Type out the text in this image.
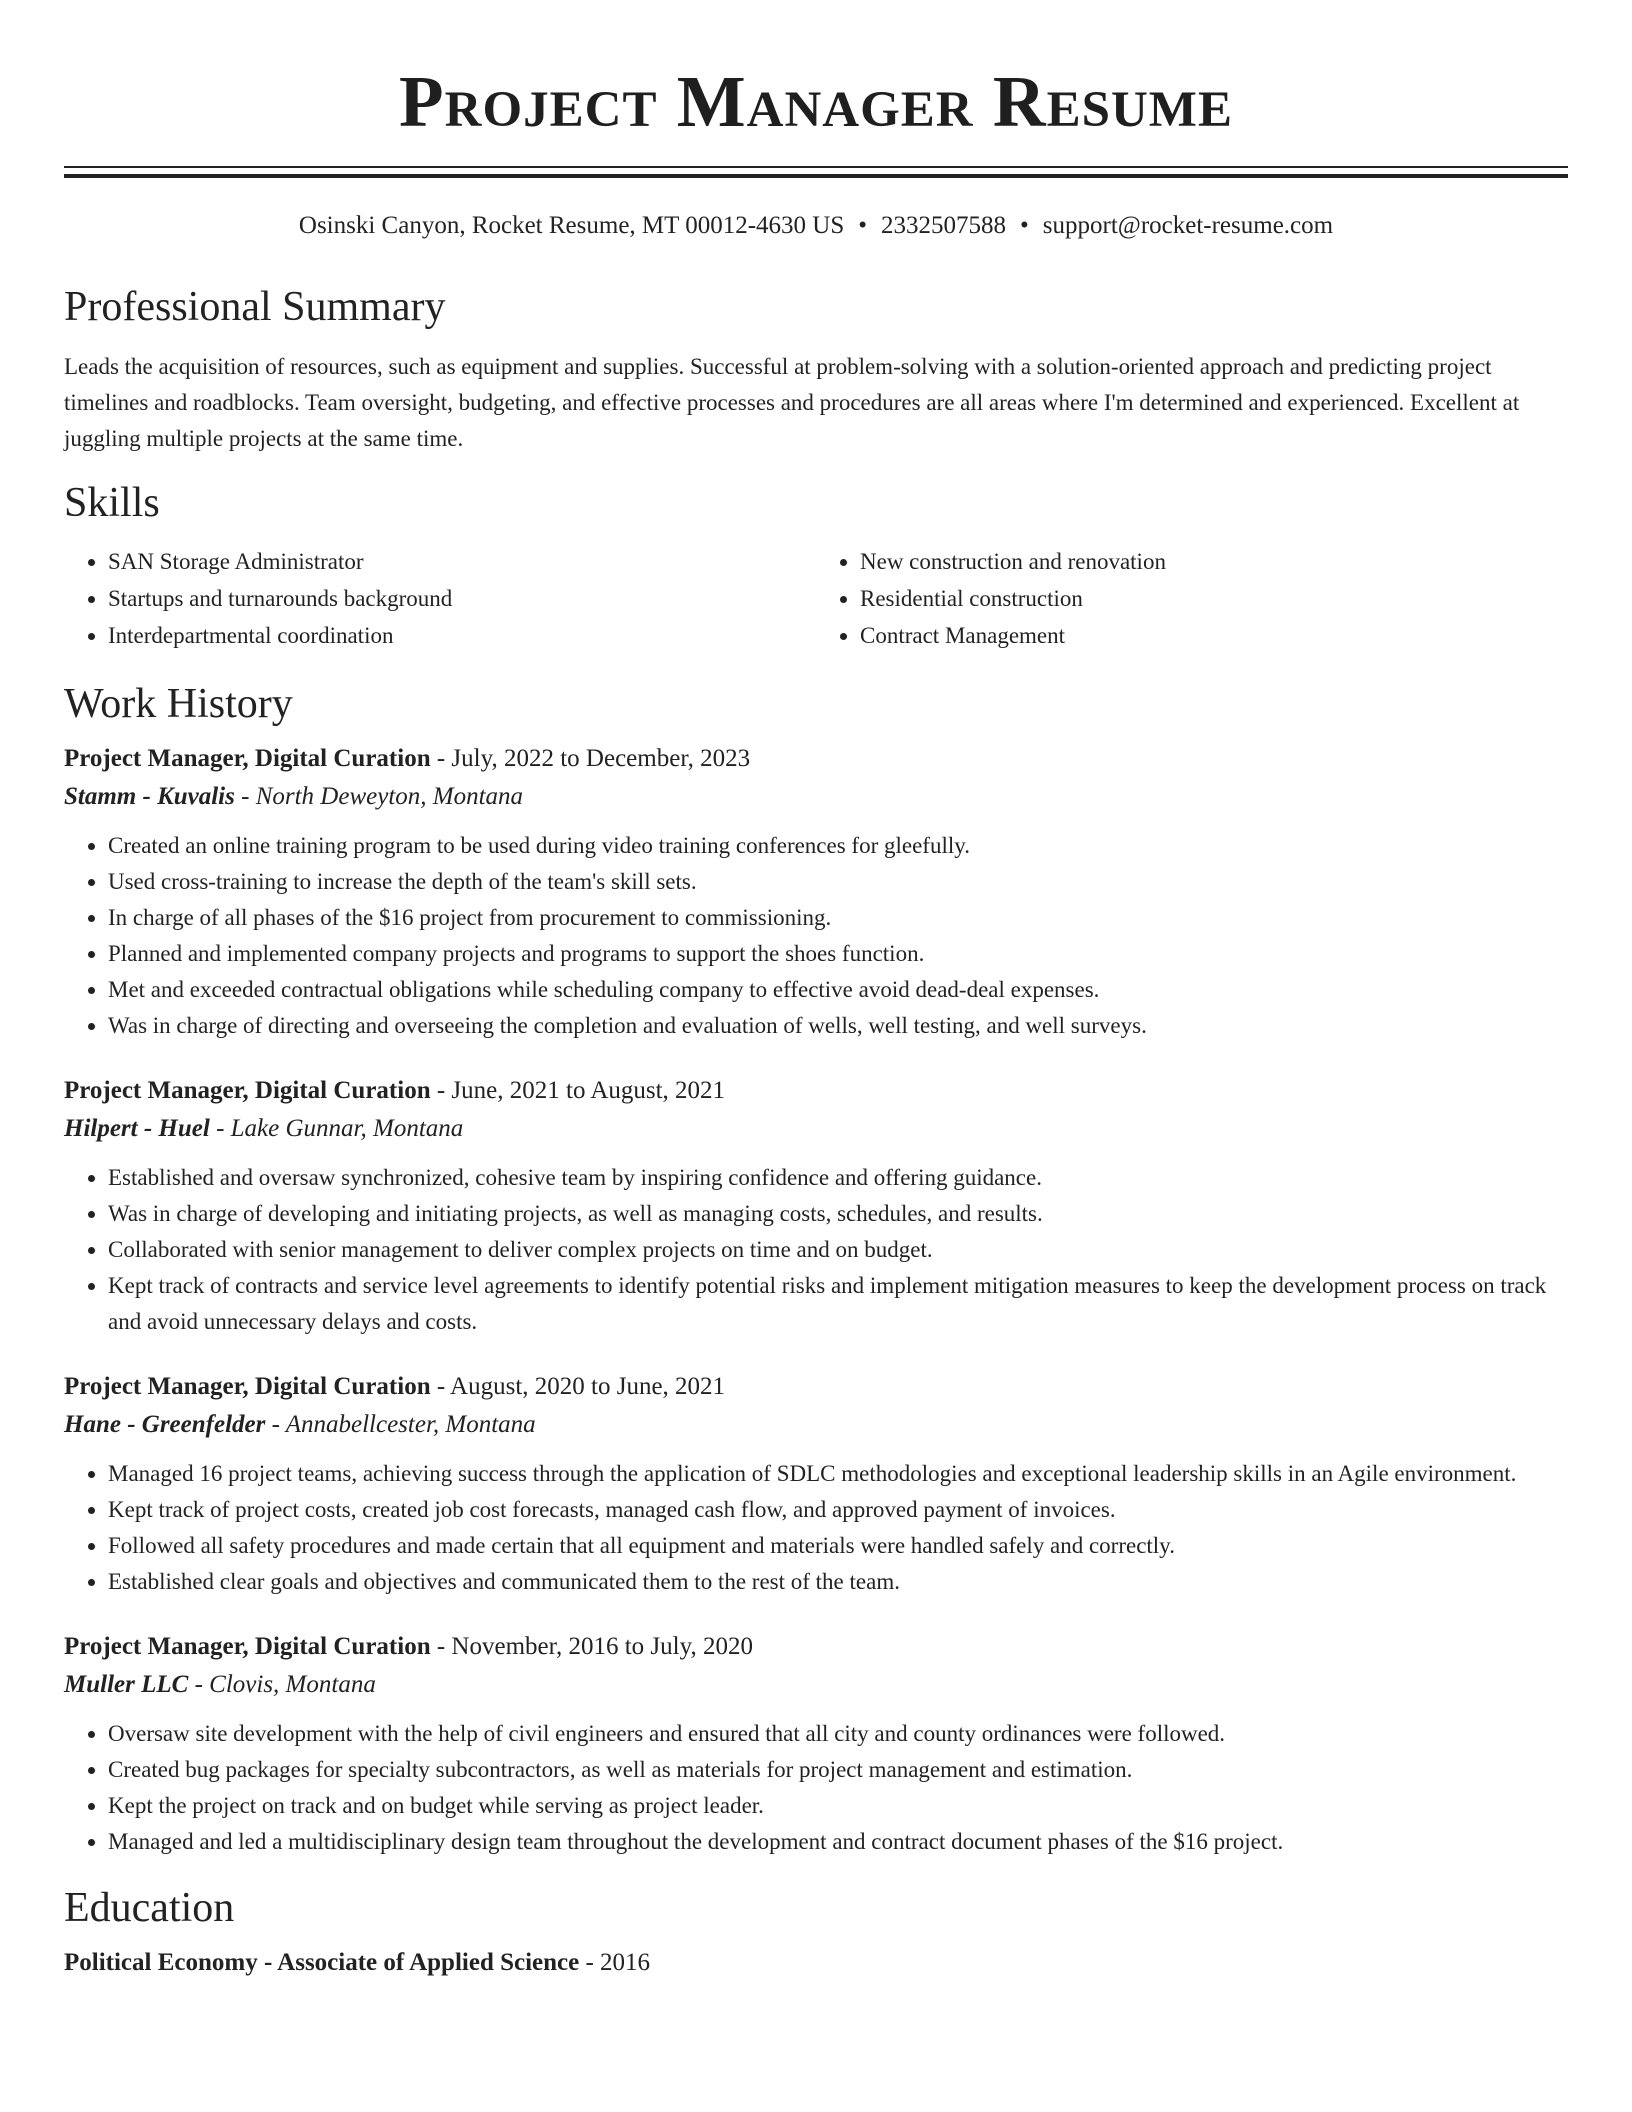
Project Manager Resume
Osinski Canyon, Rocket Resume, MT 00012-4630 US • 2332507588 • support@rocket-resume.com
Professional Summary

Leads the acquisition of resources, such as equipment and supplies. Successful at problem-solving with a solution-oriented approach and predicting project timelines and roadblocks. Team oversight, budgeting, and effective processes and procedures are all areas where I'm determined and experienced. Excellent at juggling multiple projects at the same time.

Skills
• SAN Storage Administrator
• Startups and turnarounds background
• Interdepartmental coordination
• New construction and renovation
• Residential construction
• Contract Management
Work History
Project Manager, Digital Curation - July, 2022 to December, 2023
Stamm - Kuvalis - North Deweyton, Montana
• Created an online training program to be used during video training conferences for gleefully.
• Used cross-training to increase the depth of the team's skill sets.
• In charge of all phases of the $16 project from procurement to commissioning.
• Planned and implemented company projects and programs to support the shoes function.
• Met and exceeded contractual obligations while scheduling company to effective avoid dead-deal expenses.
• Was in charge of directing and overseeing the completion and evaluation of wells, well testing, and well surveys.
Project Manager, Digital Curation - June, 2021 to August, 2021
Hilpert - Huel - Lake Gunnar, Montana
• Established and oversaw synchronized, cohesive team by inspiring confidence and offering guidance.
• Was in charge of developing and initiating projects, as well as managing costs, schedules, and results.
• Collaborated with senior management to deliver complex projects on time and on budget.
• Kept track of contracts and service level agreements to identify potential risks and implement mitigation measures to keep the development process on track and avoid unnecessary delays and costs.
Project Manager, Digital Curation - August, 2020 to June, 2021
Hane - Greenfelder - Annabellcester, Montana
• Managed 16 project teams, achieving success through the application of SDLC methodologies and exceptional leadership skills in an Agile environment.
• Kept track of project costs, created job cost forecasts, managed cash flow, and approved payment of invoices.
• Followed all safety procedures and made certain that all equipment and materials were handled safely and correctly.
• Established clear goals and objectives and communicated them to the rest of the team.
Project Manager, Digital Curation - November, 2016 to July, 2020
Muller LLC - Clovis, Montana
• Oversaw site development with the help of civil engineers and ensured that all city and county ordinances were followed.
• Created bug packages for specialty subcontractors, as well as materials for project management and estimation.
• Kept the project on track and on budget while serving as project leader.
• Managed and led a multidisciplinary design team throughout the development and contract document phases of the $16 project.
Education
Political Economy - Associate of Applied Science - 2016
